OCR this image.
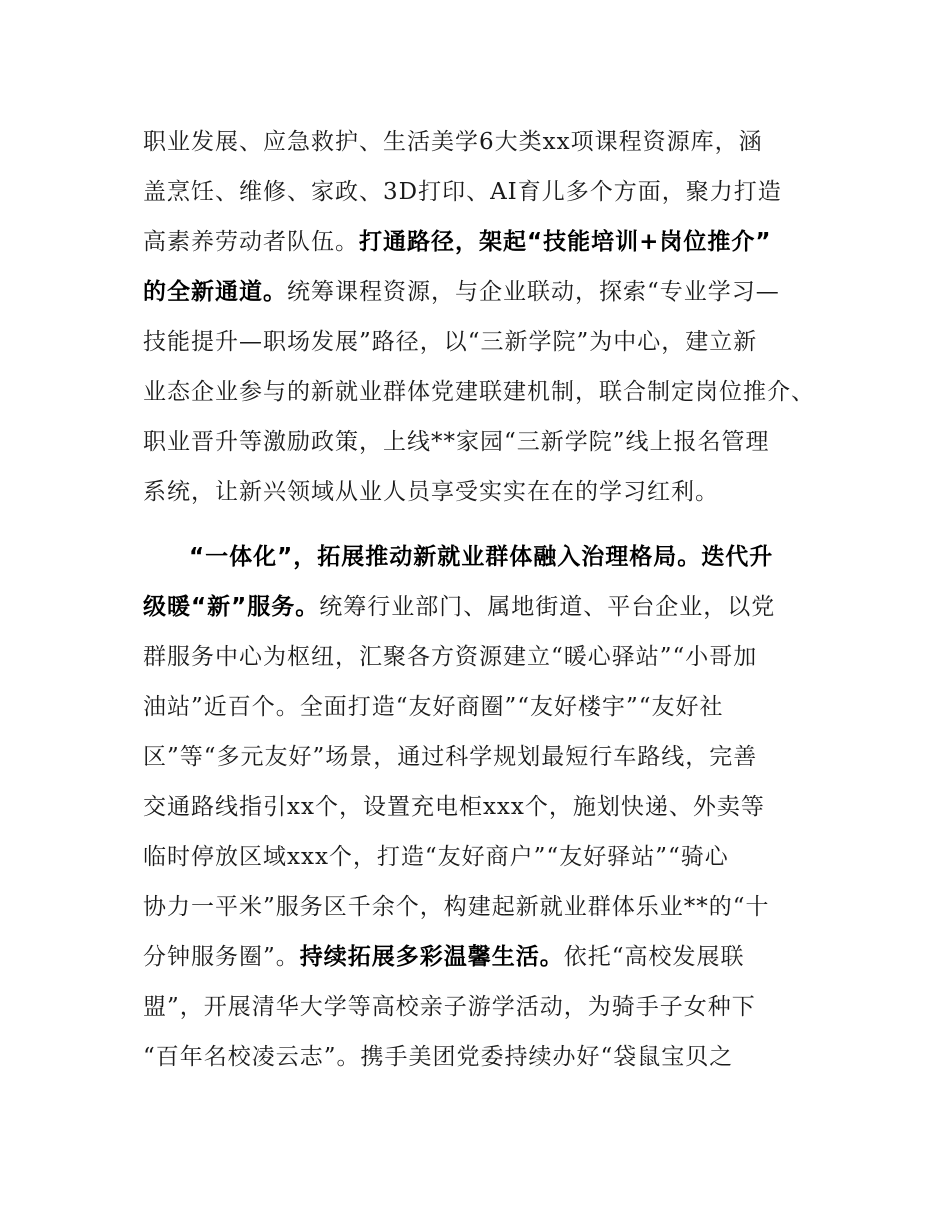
职业发展、应急救护、生活美学6大类xx项课程资源库，涵
盖烹饪、维修、家政、3D打印、AI育儿多个方面，聚力打造
高素养劳动者队伍。打通路径，架起“技能培训+岗位推介”
的全新通道。统筹课程资源，与企业联动，探索“专业学习—
技能提升—职场发展”路径，以“三新学院”为中心，建立新
业态企业参与的新就业群体党建联建机制，联合制定岗位推介、
职业晋升等激励政策，上线**家园“三新学院”线上报名管理
系统，让新兴领域从业人员享受实实在在的学习红利。
“一体化”，拓展推动新就业群体融入治理格局。迭代升
级暖“新”服务。统筹行业部门、属地街道、平台企业，以党
群服务中心为枢纽，汇聚各方资源建立“暖心驿站”“小哥加
油站”近百个。全面打造“友好商圈”“友好楼宇”“友好社
区”等“多元友好”场景，通过科学规划最短行车路线，完善
交通路线指引xx个，设置充电柜xxx个，施划快递、外卖等
临时停放区域xxx个，打造“友好商户”“友好驿站”“骑心
协力一平米”服务区千余个，构建起新就业群体乐业**的“十
分钟服务圈”。持续拓展多彩温馨生活。依托“高校发展联
盟”，开展清华大学等高校亲子游学活动，为骑手子女种下
“百年名校凌云志”。携手美团党委持续办好“袋鼠宝贝之
